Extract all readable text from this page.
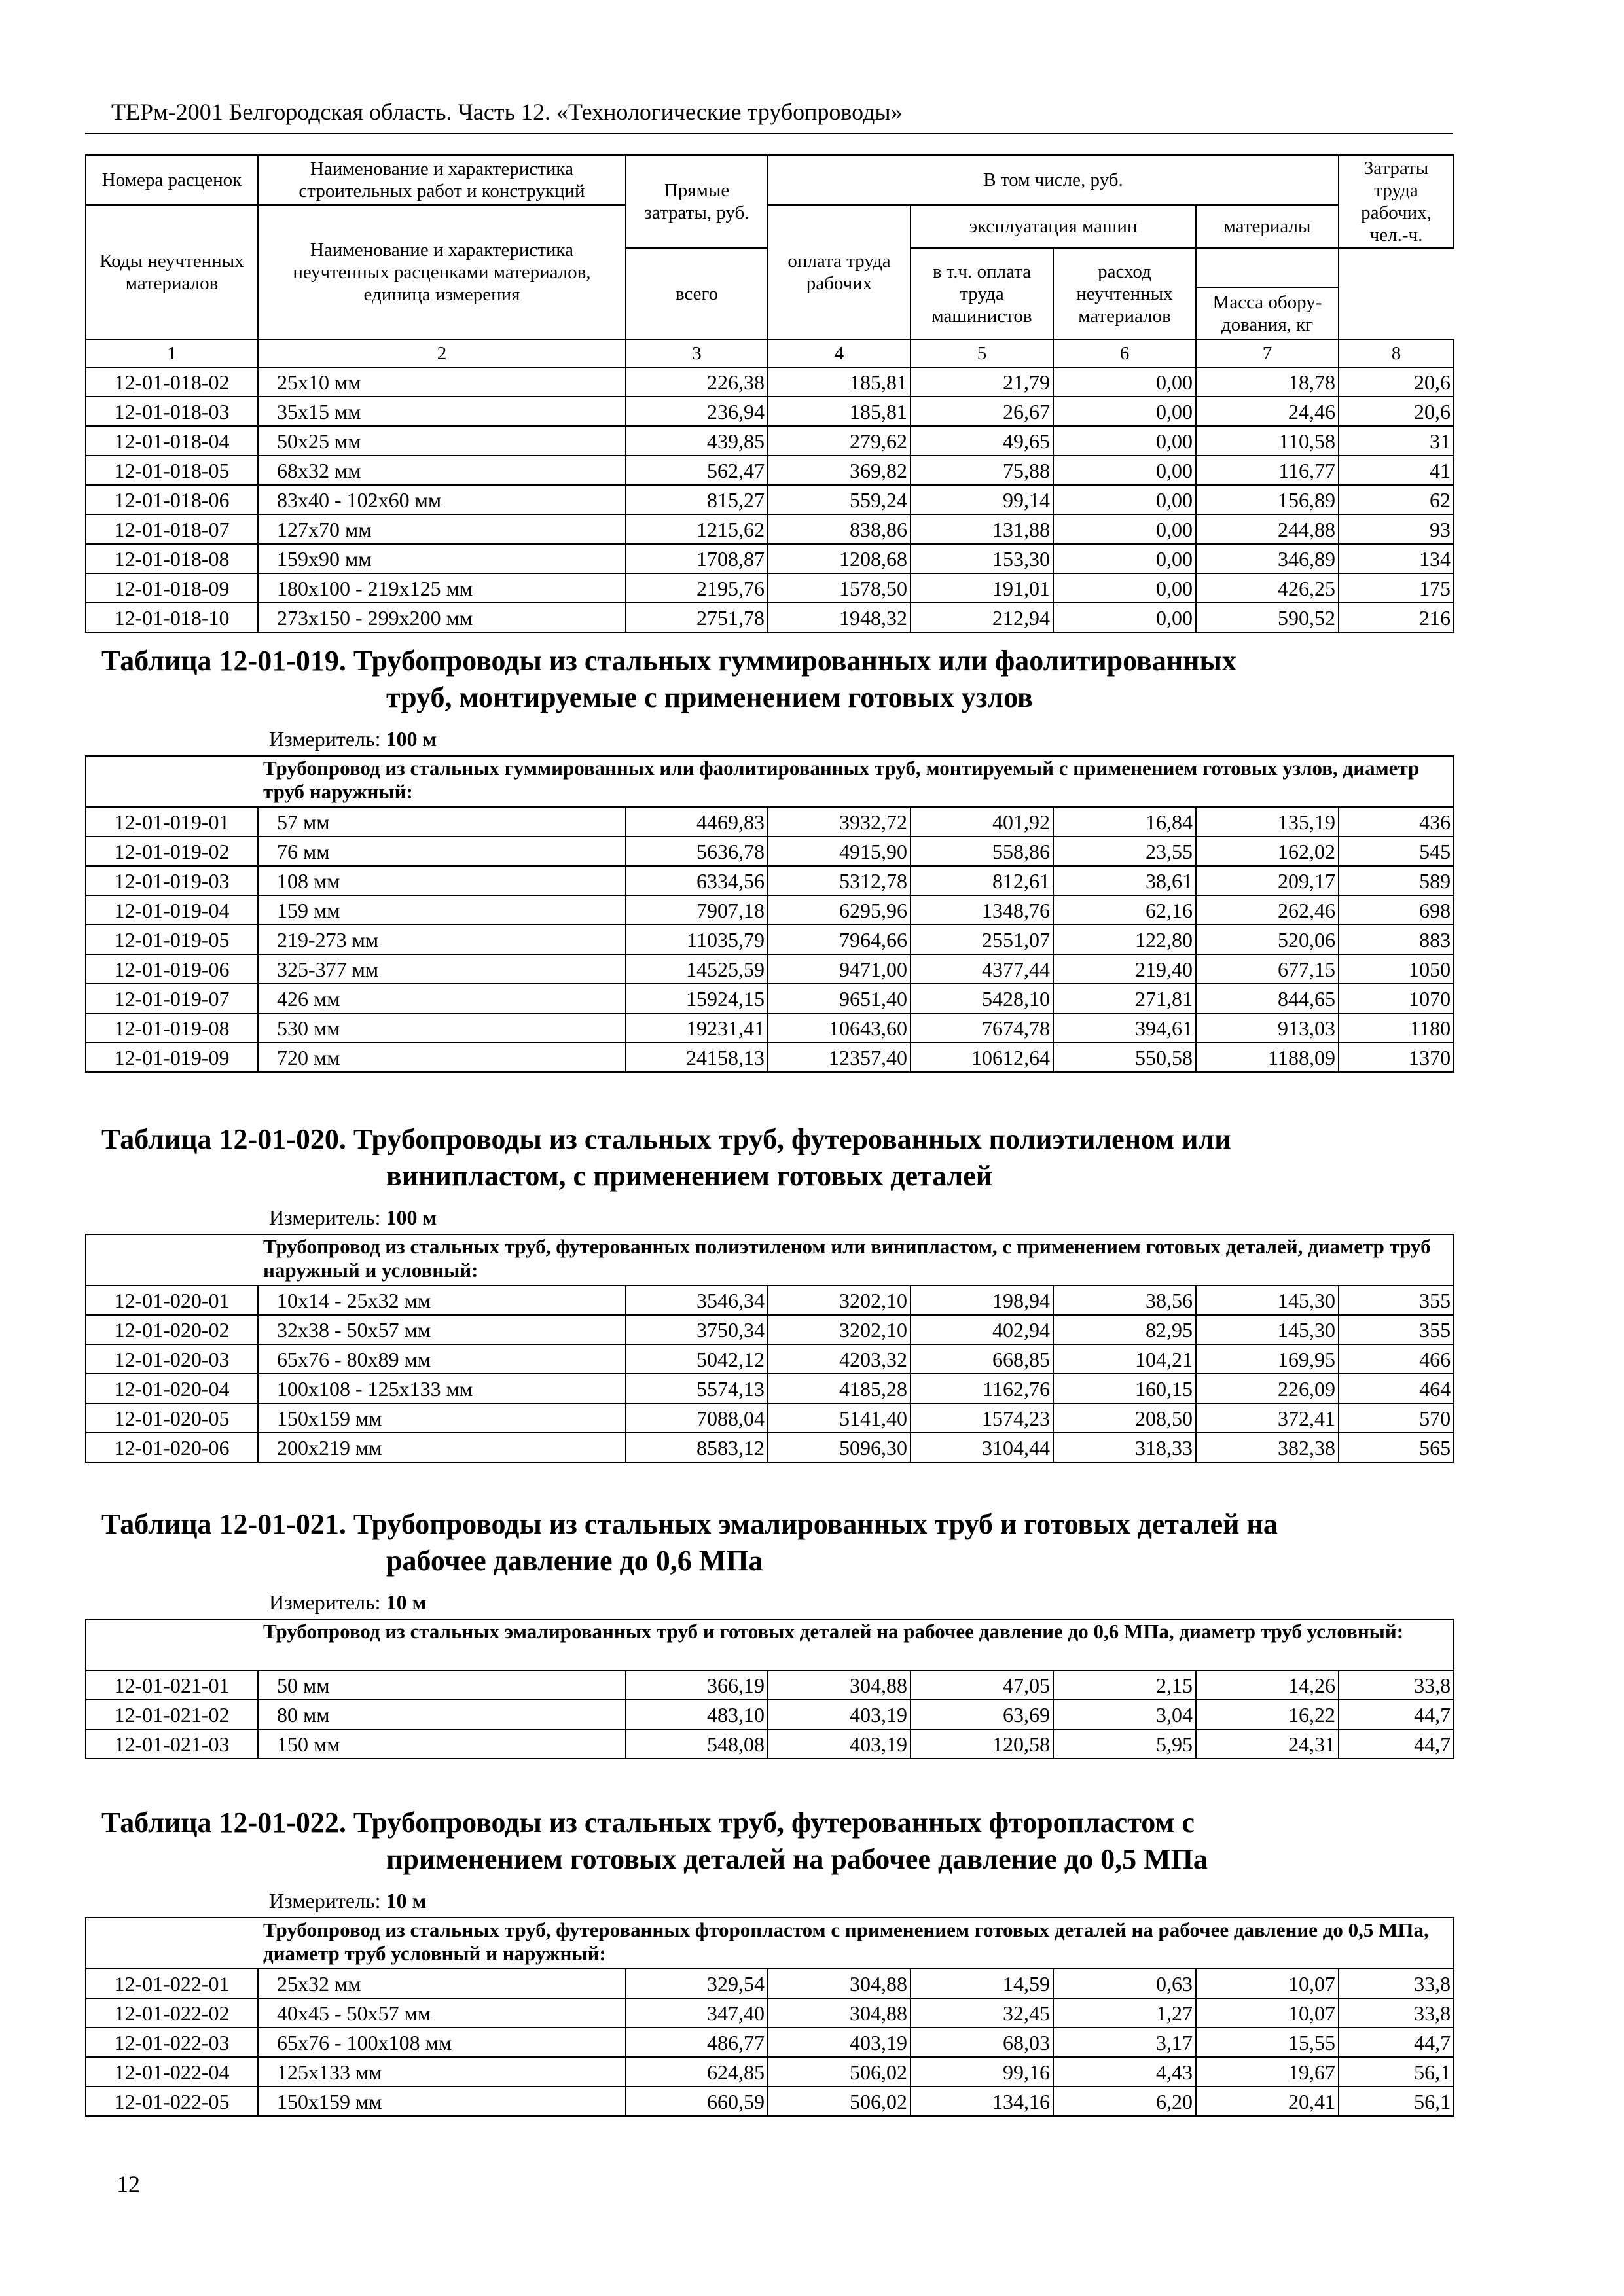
ТЕРм-2001 Белгородская область. Часть 12. «Технологические трубопроводы»
Номера расценок	Наименование и характеристика строительных работ и конструкций	Прямые затраты, руб.	В том числе, руб.				Затраты труда рабочих, чел.-ч.
Коды неучтенных материалов	Наименование и характеристика неучтенных расценками материалов, единица измерения		оплата труда рабочих	эксплуатация машин		материалы	
		всего		в т.ч. оплата труда машинистов	расход неучтенных материалов		
						Масса обору-дования, кг	
1	2	3	4	5	6	7	8
12-01-018-02	25x10 мм	226,38	185,81	21,79	0,00	18,78	20,6
12-01-018-03	35x15 мм	236,94	185,81	26,67	0,00	24,46	20,6
12-01-018-04	50x25 мм	439,85	279,62	49,65	0,00	110,58	31
12-01-018-05	68x32 мм	562,47	369,82	75,88	0,00	116,77	41
12-01-018-06	83x40 - 102x60 мм	815,27	559,24	99,14	0,00	156,89	62
12-01-018-07	127x70 мм	1215,62	838,86	131,88	0,00	244,88	93
12-01-018-08	159x90 мм	1708,87	1208,68	153,30	0,00	346,89	134
12-01-018-09	180x100 - 219x125 мм	2195,76	1578,50	191,01	0,00	426,25	175
12-01-018-10	273x150 - 299x200 мм	2751,78	1948,32	212,94	0,00	590,52	216
Таблица 12-01-019. Трубопроводы из стальных гуммированных или фаолитированных
труб, монтируемые с применением готовых узлов
Измеритель: 100 м							
Трубопровод из стальных гуммированных или фаолитированных труб, монтируемый с применением готовых узлов, диаметр труб наружный:							
12-01-019-01	57 мм	4469,83	3932,72	401,92	16,84	135,19	436
12-01-019-02	76 мм	5636,78	4915,90	558,86	23,55	162,02	545
12-01-019-03	108 мм	6334,56	5312,78	812,61	38,61	209,17	589
12-01-019-04	159 мм	7907,18	6295,96	1348,76	62,16	262,46	698
12-01-019-05	219-273 мм	11035,79	7964,66	2551,07	122,80	520,06	883
12-01-019-06	325-377 мм	14525,59	9471,00	4377,44	219,40	677,15	1050
12-01-019-07	426 мм	15924,15	9651,40	5428,10	271,81	844,65	1070
12-01-019-08	530 мм	19231,41	10643,60	7674,78	394,61	913,03	1180
12-01-019-09	720 мм	24158,13	12357,40	10612,64	550,58	1188,09	1370
Таблица 12-01-020. Трубопроводы из стальных труб, футерованных полиэтиленом или
винипластом, с применением готовых деталей
Измеритель: 100 м							
Трубопровод из стальных труб, футерованных полиэтиленом или винипластом, с применением готовых деталей, диаметр труб наружный и условный:							
12-01-020-01	10x14 - 25x32 мм	3546,34	3202,10	198,94	38,56	145,30	355
12-01-020-02	32x38 - 50x57 мм	3750,34	3202,10	402,94	82,95	145,30	355
12-01-020-03	65x76 - 80x89 мм	5042,12	4203,32	668,85	104,21	169,95	466
12-01-020-04	100x108 - 125x133 мм	5574,13	4185,28	1162,76	160,15	226,09	464
12-01-020-05	150x159 мм	7088,04	5141,40	1574,23	208,50	372,41	570
12-01-020-06	200x219 мм	8583,12	5096,30	3104,44	318,33	382,38	565
Таблица 12-01-021. Трубопроводы из стальных эмалированных труб и готовых деталей на
рабочее давление до 0,6 МПа
Измеритель: 10 м							
Трубопровод из стальных эмалированных труб и готовых деталей на рабочее давление до 0,6 МПа, диаметр труб условный:							
12-01-021-01	50 мм	366,19	304,88	47,05	2,15	14,26	33,8
12-01-021-02	80 мм	483,10	403,19	63,69	3,04	16,22	44,7
12-01-021-03	150 мм	548,08	403,19	120,58	5,95	24,31	44,7
Таблица 12-01-022. Трубопроводы из стальных труб, футерованных фторопластом с
применением готовых деталей на рабочее давление до 0,5 МПа
Измеритель: 10 м							
Трубопровод из стальных труб, футерованных фторопластом с применением готовых деталей на рабочее давление до 0,5 МПа, диаметр труб условный и наружный:							
12-01-022-01	25x32 мм	329,54	304,88	14,59	0,63	10,07	33,8
12-01-022-02	40x45 - 50x57 мм	347,40	304,88	32,45	1,27	10,07	33,8
12-01-022-03	65x76 - 100x108 мм	486,77	403,19	68,03	3,17	15,55	44,7
12-01-022-04	125x133 мм	624,85	506,02	99,16	4,43	19,67	56,1
12-01-022-05	150x159 мм	660,59	506,02	134,16	6,20	20,41	56,1
12
